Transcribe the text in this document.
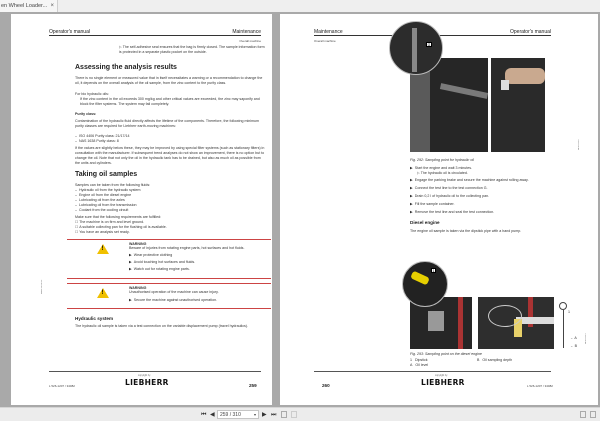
en Wheel Loader... ×
Operator's manual	Maintenance
Overall machine
▷ The self-adhesive seal ensures that the bag is firmly closed. The sample information form is protected in a separate plastic pocket on the outside.
Assessing the analysis results
There is no single element or measured value that in itself necessitates a warning or a recommendation to change the oil, it depends on the overall analysis of the oil sample, from the zinc content to the purity class.
For bio hydraulic oils:
If the zinc content in the oil exceeds 300 mg/kg and other critical values are exceeded, the zinc may saponify and block the filter systems. The system may fail completely.
Purity class:
Contamination of the hydraulic fluid directly affects the lifetime of the components. Therefore, the following minimum purity classes are required for Liebherr earth-moving machines:
–  ISO 4406 Purity class: 21/17/14
–  NAS 1638 Purity class: 8
If the values are slightly below these, they may be improved by using special filter systems (such as stationary filters) in consultation with the manufacturer. If subsequent trend analyses do not show an improvement, there is no option but to change the oil. Note that not only the oil in the hydraulic tank has to be drained, but also as much oil as possible from the units and cylinders.
Taking oil samples
Samples can be taken from the following fluids:
–  Hydraulic oil from the hydraulic system
–  Engine oil from the diesel engine
–  Lubricating oil from the axles
–  Lubricating oil from the transmission
–  Coolant from the cooling circuit
Make sure that the following requirements are fulfilled:
☐ The machine is on firm and level ground.
☐ A suitable collecting pan for the flushing oil is available.
☐ You have an analysis set ready.
!
WARNING
Beware of injuries from rotating engine parts, hot surfaces and hot fluids.
▶  Wear protective clothing
▶  Avoid touching hot surfaces and fluids.
▶  Watch out for rotating engine parts.
!
WARNING
Unauthorised operation of the machine can cause injury.
▶  Secure the machine against unauthorised operation.
Hydraulic system
The hydraulic oil sample is taken via a test connection on the variable displacement pump (travel hydraulics).
MKD-1234-00
L 526-1207 / 34082
copyright by
LIEBHERR	259
Maintenance	Operator's manual
Overall machine
G
RFD-0000
Fig. 292: Sampling point for hydraulic oil
▶  Start the engine and wait 3 minutes.
▷ The hydraulic oil is circulated.
▶  Engage the parking brake and secure the machine against rolling away.
▶  Connect the test line to the test connection G.
▶  Drain 0,2 l of hydraulic oil to the collecting pan.
▶  Fill the sample container.
▶  Remove the test line and seal the test connection.
Diesel engine
The engine oil sample is taken via the dipstick pipe with a hand pump.
1
1
← A
← B
RFD-0001
Fig. 293: Sampling point on the diesel engine
1 Dipstick
A Oil level
B Oil sampling depth
260
copyright by
LIEBHERR	L 526-1207 / 34082
⏮ ◀	259 / 310	▾ ▶ ⏭
